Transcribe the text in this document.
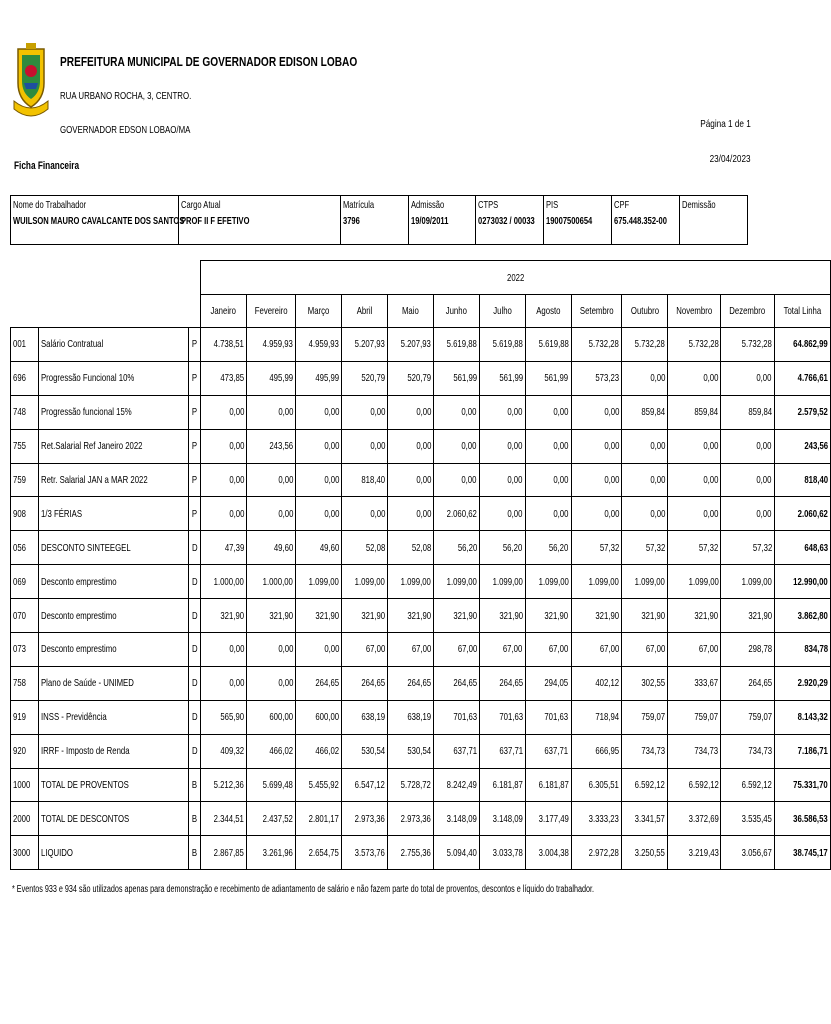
PREFEITURA MUNICIPAL DE GOVERNADOR EDISON LOBAO
RUA URBANO ROCHA, 3, CENTRO.
GOVERNADOR EDSON LOBAO/MA	Página 1 de 1
23/04/2023
Ficha Financeira
Nome do Trabalhador
WUILSON MAURO CAVALCANTE DOS SANTOS
Cargo Atual
PROF II F EFETIVO
Matrícula
3796
Admissão
19/09/2011
CTPS
0273032 / 00033
PIS
19007500654
CPF
675.448.352-00
Demissão
			2022												
			Janeiro	Fevereiro	Março	Abril	Maio	Junho	Julho	Agosto	Setembro	Outubro	Novembro	Dezembro	Total Linha
001	Salário Contratual	P	4.738,51	4.959,93	4.959,93	5.207,93	5.207,93	5.619,88	5.619,88	5.619,88	5.732,28	5.732,28	5.732,28	5.732,28	64.862,99
696	Progressão Funcional 10%	P	473,85	495,99	495,99	520,79	520,79	561,99	561,99	561,99	573,23	0,00	0,00	0,00	4.766,61
748	Progressão funcional 15%	P	0,00	0,00	0,00	0,00	0,00	0,00	0,00	0,00	0,00	859,84	859,84	859,84	2.579,52
755	Ret.Salarial Ref Janeiro 2022	P	0,00	243,56	0,00	0,00	0,00	0,00	0,00	0,00	0,00	0,00	0,00	0,00	243,56
759	Retr. Salarial JAN a MAR 2022	P	0,00	0,00	0,00	818,40	0,00	0,00	0,00	0,00	0,00	0,00	0,00	0,00	818,40
908	1/3 FÉRIAS	P	0,00	0,00	0,00	0,00	0,00	2.060,62	0,00	0,00	0,00	0,00	0,00	0,00	2.060,62
056	DESCONTO SINTEEGEL	D	47,39	49,60	49,60	52,08	52,08	56,20	56,20	56,20	57,32	57,32	57,32	57,32	648,63
069	Desconto emprestimo	D	1.000,00	1.000,00	1.099,00	1.099,00	1.099,00	1.099,00	1.099,00	1.099,00	1.099,00	1.099,00	1.099,00	1.099,00	12.990,00
070	Desconto emprestimo	D	321,90	321,90	321,90	321,90	321,90	321,90	321,90	321,90	321,90	321,90	321,90	321,90	3.862,80
073	Desconto emprestimo	D	0,00	0,00	0,00	67,00	67,00	67,00	67,00	67,00	67,00	67,00	67,00	298,78	834,78
758	Plano de Saúde - UNIMED	D	0,00	0,00	264,65	264,65	264,65	264,65	264,65	294,05	402,12	302,55	333,67	264,65	2.920,29
919	INSS - Previdência	D	565,90	600,00	600,00	638,19	638,19	701,63	701,63	701,63	718,94	759,07	759,07	759,07	8.143,32
920	IRRF - Imposto de Renda	D	409,32	466,02	466,02	530,54	530,54	637,71	637,71	637,71	666,95	734,73	734,73	734,73	7.186,71
1000	TOTAL DE PROVENTOS	B	5.212,36	5.699,48	5.455,92	6.547,12	5.728,72	8.242,49	6.181,87	6.181,87	6.305,51	6.592,12	6.592,12	6.592,12	75.331,70
2000	TOTAL DE DESCONTOS	B	2.344,51	2.437,52	2.801,17	2.973,36	2.973,36	3.148,09	3.148,09	3.177,49	3.333,23	3.341,57	3.372,69	3.535,45	36.586,53
3000	LIQUIDO	B	2.867,85	3.261,96	2.654,75	3.573,76	2.755,36	5.094,40	3.033,78	3.004,38	2.972,28	3.250,55	3.219,43	3.056,67	38.745,17
* Eventos 933 e 934 são utilizados apenas para demonstração e recebimento de adiantamento de salário e não fazem parte do total de proventos, descontos e líquido do trabalhador.
